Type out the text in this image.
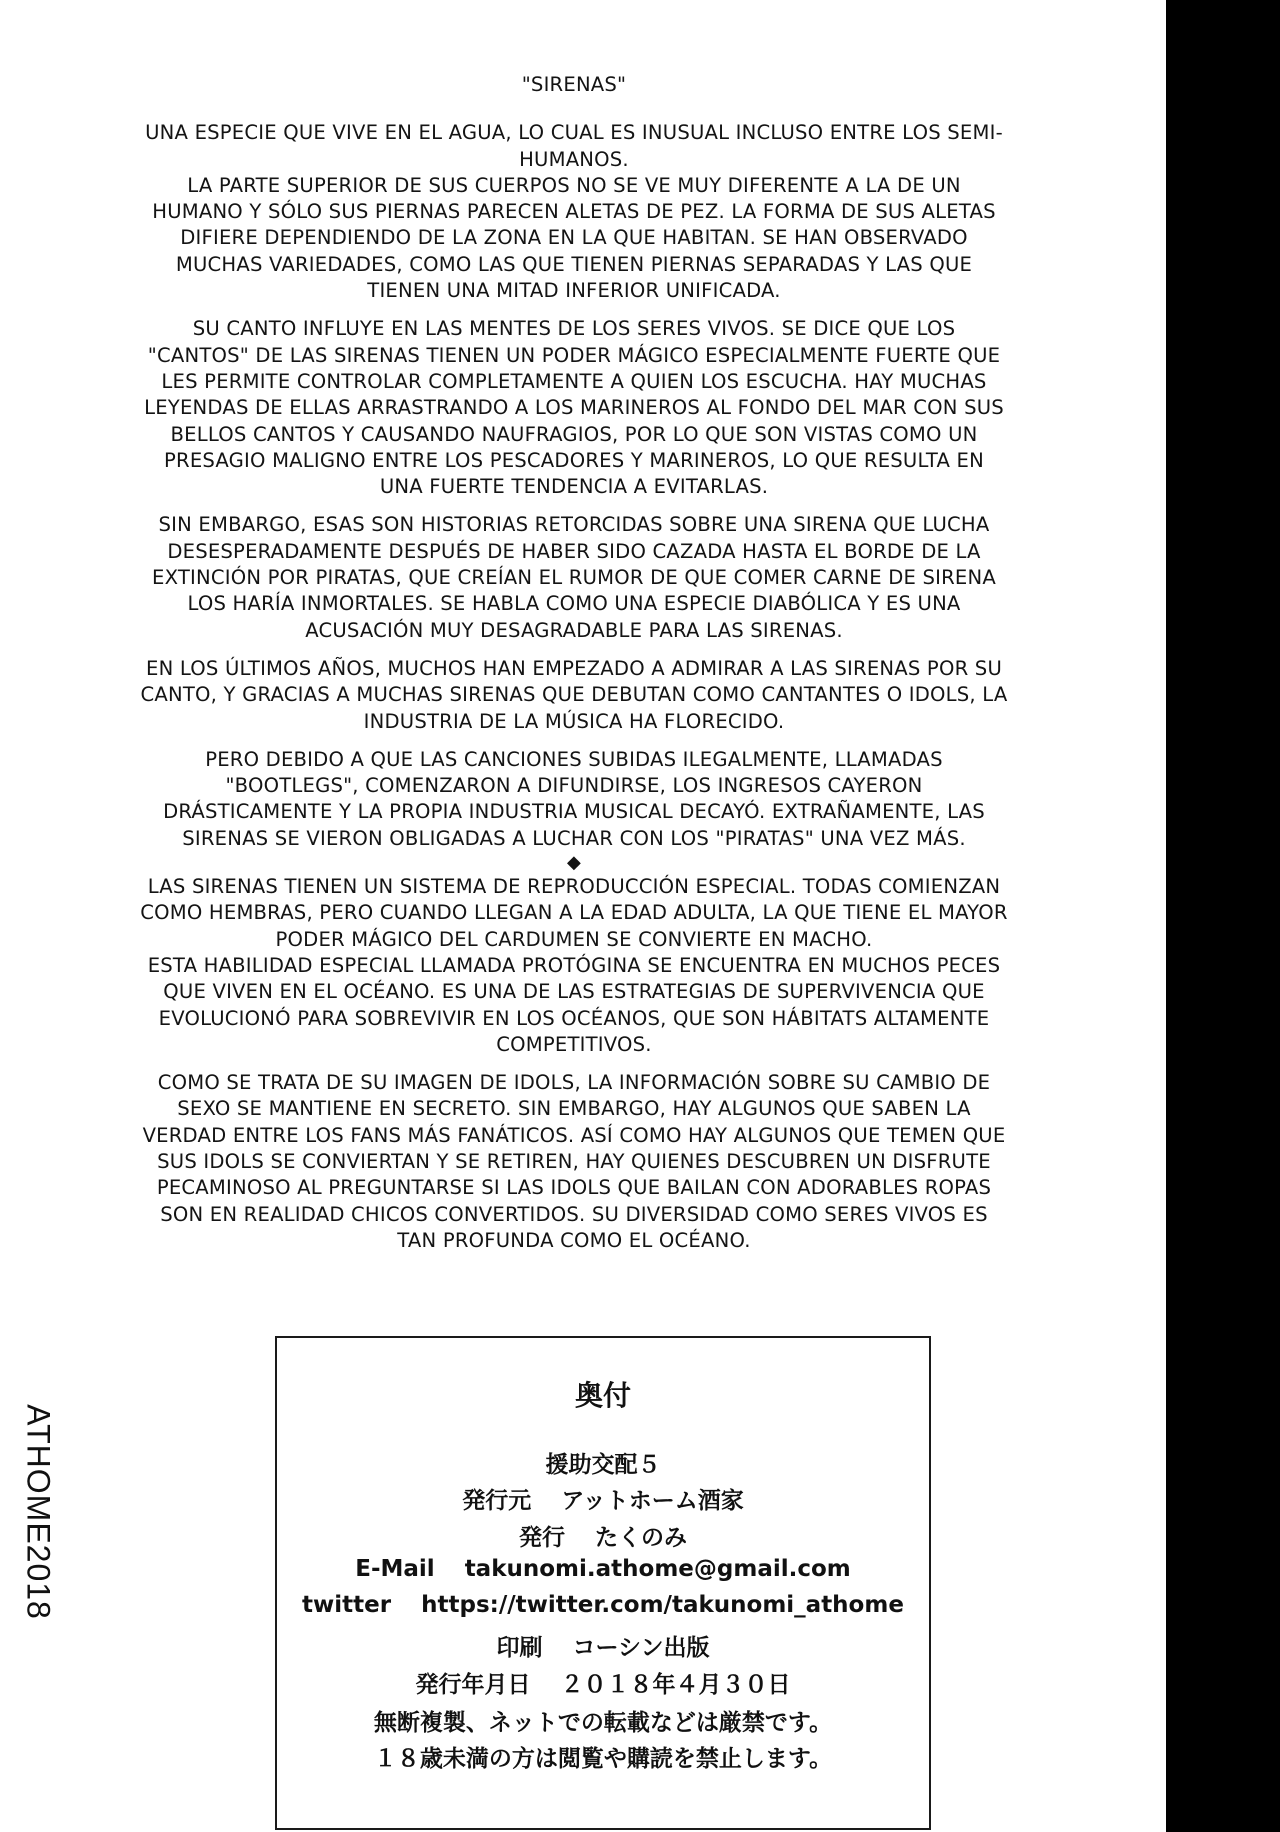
ATHOME2018
"SIRENAS"

UNA ESPECIE QUE VIVE EN EL AGUA, LO CUAL ES INUSUAL INCLUSO ENTRE LOS SEMI-HUMANOS.

LA PARTE SUPERIOR DE SUS CUERPOS NO SE VE MUY DIFERENTE A LA DE UN HUMANO Y SÓLO SUS PIERNAS PARECEN ALETAS DE PEZ. LA FORMA DE SUS ALETAS DIFIERE DEPENDIENDO DE LA ZONA EN LA QUE HABITAN. SE HAN OBSERVADO MUCHAS VARIEDADES, COMO LAS QUE TIENEN PIERNAS SEPARADAS Y LAS QUE TIENEN UNA MITAD INFERIOR UNIFICADA.

SU CANTO INFLUYE EN LAS MENTES DE LOS SERES VIVOS. SE DICE QUE LOS "CANTOS" DE LAS SIRENAS TIENEN UN PODER MÁGICO ESPECIALMENTE FUERTE QUE LES PERMITE CONTROLAR COMPLETAMENTE A QUIEN LOS ESCUCHA. HAY MUCHAS LEYENDAS DE ELLAS ARRASTRANDO A LOS MARINEROS AL FONDO DEL MAR CON SUS BELLOS CANTOS Y CAUSANDO NAUFRAGIOS, POR LO QUE SON VISTAS COMO UN PRESAGIO MALIGNO ENTRE LOS PESCADORES Y MARINEROS, LO QUE RESULTA EN UNA FUERTE TENDENCIA A EVITARLAS.

SIN EMBARGO, ESAS SON HISTORIAS RETORCIDAS SOBRE UNA SIRENA QUE LUCHA DESESPERADAMENTE DESPUÉS DE HABER SIDO CAZADA HASTA EL BORDE DE LA EXTINCIÓN POR PIRATAS, QUE CREÍAN EL RUMOR DE QUE COMER CARNE DE SIRENA LOS HARÍA INMORTALES. SE HABLA COMO UNA ESPECIE DIABÓLICA Y ES UNA ACUSACIÓN MUY DESAGRADABLE PARA LAS SIRENAS.

EN LOS ÚLTIMOS AÑOS, MUCHOS HAN EMPEZADO A ADMIRAR A LAS SIRENAS POR SU CANTO, Y GRACIAS A MUCHAS SIRENAS QUE DEBUTAN COMO CANTANTES O IDOLS, LA INDUSTRIA DE LA MÚSICA HA FLORECIDO.

PERO DEBIDO A QUE LAS CANCIONES SUBIDAS ILEGALMENTE, LLAMADAS "BOOTLEGS", COMENZARON A DIFUNDIRSE, LOS INGRESOS CAYERON DRÁSTICAMENTE Y LA PROPIA INDUSTRIA MUSICAL DECAYÓ. EXTRAÑAMENTE, LAS SIRENAS SE VIERON OBLIGADAS A LUCHAR CON LOS "PIRATAS" UNA VEZ MÁS.

◆

LAS SIRENAS TIENEN UN SISTEMA DE REPRODUCCIÓN ESPECIAL. TODAS COMIENZAN COMO HEMBRAS, PERO CUANDO LLEGAN A LA EDAD ADULTA, LA QUE TIENE EL MAYOR PODER MÁGICO DEL CARDUMEN SE CONVIERTE EN MACHO.

ESTA HABILIDAD ESPECIAL LLAMADA PROTÓGINA SE ENCUENTRA EN MUCHOS PECES QUE VIVEN EN EL OCÉANO. ES UNA DE LAS ESTRATEGIAS DE SUPERVIVENCIA QUE EVOLUCIONÓ PARA SOBREVIVIR EN LOS OCÉANOS, QUE SON HÁBITATS ALTAMENTE COMPETITIVOS.

COMO SE TRATA DE SU IMAGEN DE IDOLS, LA INFORMACIÓN SOBRE SU CAMBIO DE SEXO SE MANTIENE EN SECRETO. SIN EMBARGO, HAY ALGUNOS QUE SABEN LA VERDAD ENTRE LOS FANS MÁS FANÁTICOS. ASÍ COMO HAY ALGUNOS QUE TEMEN QUE SUS IDOLS SE CONVIERTAN Y SE RETIREN, HAY QUIENES DESCUBREN UN DISFRUTE PECAMINOSO AL PREGUNTARSE SI LAS IDOLS QUE BAILAN CON ADORABLES ROPAS SON EN REALIDAD CHICOS CONVERTIDOS. SU DIVERSIDAD COMO SERES VIVOS ES TAN PROFUNDA COMO EL OCÉANO.

奥付
援助交配５
発行元 アットホーム酒家
発行 たくのみ
E-Mail takunomi.athome@gmail.com
twitter https://twitter.com/takunomi_athome
印刷 コーシン出版
発行年月日 ２０１８年４月３０日
無断複製、ネットでの転載などは厳禁です。
１８歳未満の方は閲覧や購読を禁止します。
